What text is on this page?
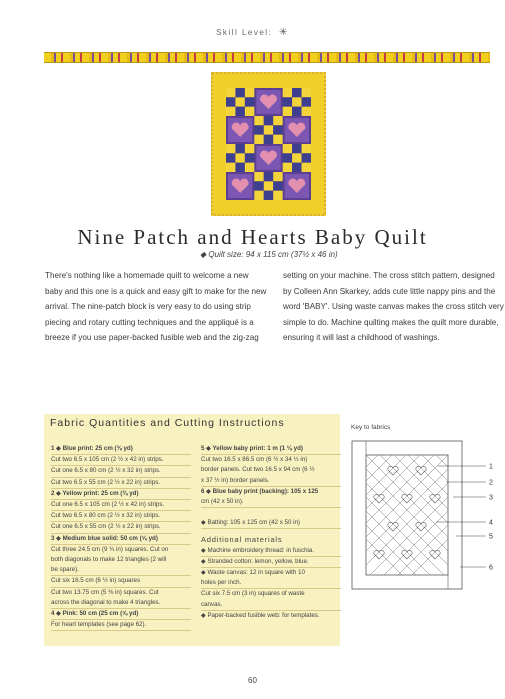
Skill Level: ✳
Nine Patch and Hearts Baby Quilt
◆ Quilt size: 94 x 115 cm (37½ x 46 in)
There's nothing like a homemade quilt to welcome a new baby and this one is a quick and easy gift to make for the new arrival. The nine-patch block is very easy to do using strip piecing and rotary cutting techniques and the appliqué is a breeze if you use paper-backed fusible web and the zig-zag
setting on your machine. The cross stitch pattern, designed by Colleen Ann Skarkey, adds cute little nappy pins and the word 'BABY'. Using waste canvas makes the cross stitch very simple to do. Machine quilting makes the quilt more durable, ensuring it will last a childhood of washings.
Fabric Quantities and Cutting Instructions
1 ◆ Blue print: 25 cm (⅜ yd)
Cut two 6.5 x 105 cm (2 ½ x 42 in) strips.
Cut one 6.5 x 80 cm (2 ½ x 32 in) strips.
Cut two 6.5 x 55 cm (2 ½ x 22 in) strips.
2 ◆ Yellow print: 25 cm (⅜ yd)
Cut one 6.5 x 105 cm (2 ½ x 42 in) strips.
Cut two 6.5 x 80 cm (2 ½ x 32 in) strips.
Cut one 6.5 x 55 cm (2 ½ x 22 in) strips.
3 ◆ Medium blue solid: 50 cm (⅝ yd)
Cut three 24.5 cm (9 ¾ in) squares. Cut on
both diagonals to make 12 triangles (2 will
be spare).
Cut six 16.5 cm (6 ½ in) squares
Cut two 13.75 cm (5 ⅜ in) squares. Cut
across the diagonal to make 4 triangles.
4 ◆ Pink: 50 cm (25 cm (⅝ yd)
For heart templates (see page 62).
5 ◆ Yellow baby print: 1 m (1 ⅛ yd)
Cut two 16.5 x 86.5 cm (6 ½ x 34 ½ in)
border panels. Cut two 16.5 x 94 cm (6 ½
x 37 ½ in) border panels.
6 ◆ Blue baby print (backing): 105 x 125
cm (42 x 50 in).
◆ Batting: 105 x 125 cm (42 x 50 in)
Additional materials
◆ Machine embroidery thread: in fuschia.
◆ Stranded cotton: lemon, yellow, blue.
◆ Waste canvas: 12 in square with 10
holes per inch.
Cut six 7.5 cm (3 in) squares of waste
canvas.
◆ Paper-backed fusible web: for templates.
Key to fabrics
1
2
3
4
5
6
60
